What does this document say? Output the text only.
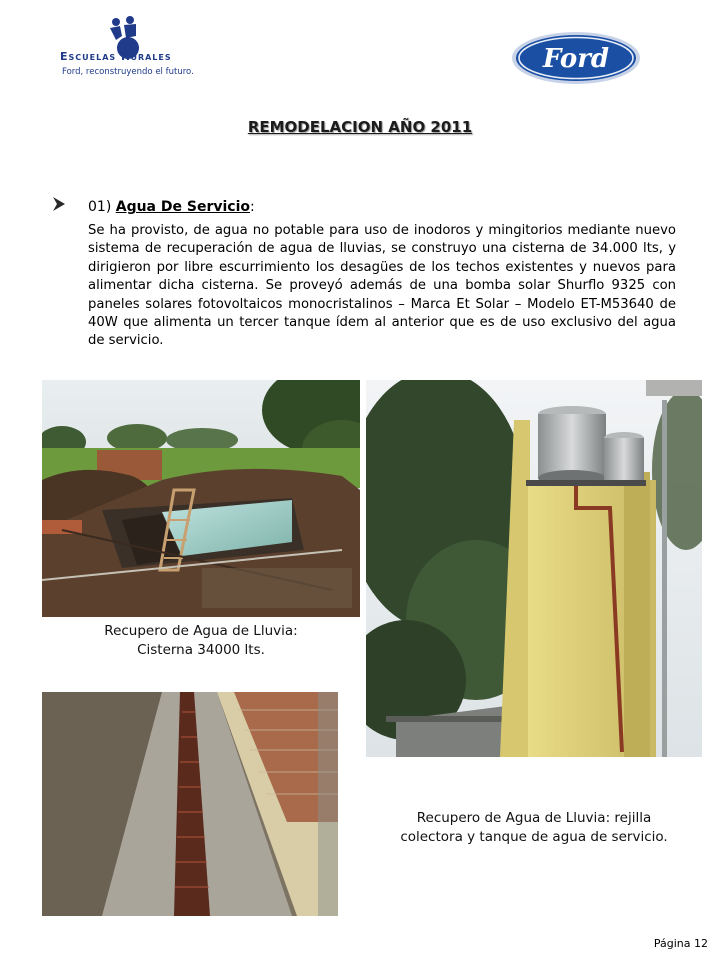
Escuelas Rurales
Ford, reconstruyendo el futuro.	Ford
REMODELACION AÑO 2011
01) Agua De Servicio:
Se ha provisto, de agua no potable para uso de inodoros y mingitorios mediante nuevo sistema de recuperación de agua de lluvias, se construyo una cisterna de 34.000 lts, y dirigieron por libre escurrimiento los desagües de los techos existentes y nuevos para alimentar dicha cisterna. Se proveyó además de una bomba solar Shurflo 9325 con paneles solares fotovoltaicos monocristalinos – Marca Et Solar – Modelo ET-M53640 de 40W que alimenta un tercer tanque ídem al anterior que es de uso exclusivo del agua de servicio.
Recupero de Agua de Lluvia:
Cisterna 34000 lts.
Recupero de Agua de Lluvia: rejilla
colectora y tanque de agua de servicio.
Página 12
